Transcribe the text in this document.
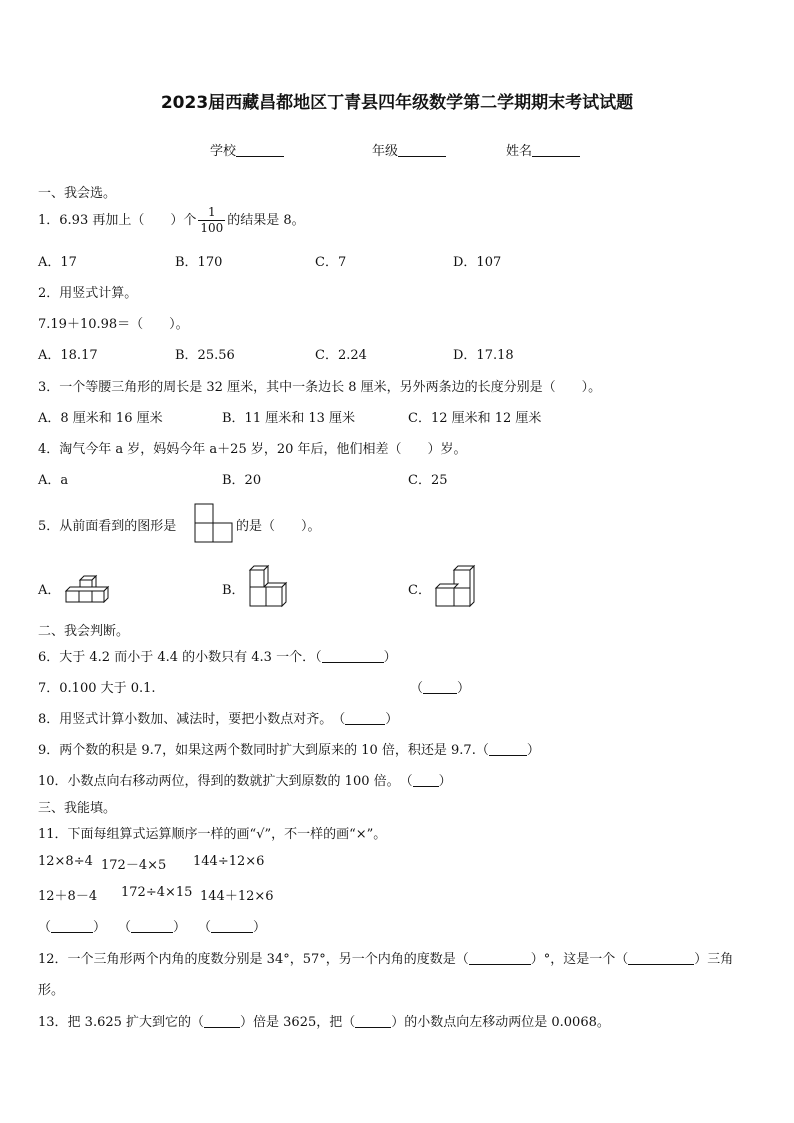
2023届西藏昌都地区丁青县四年级数学第二学期期末考试试题
学校	年级	姓名
一、我会选。
1．6.93 再加上（　　）个 $\frac{1}{100}$ 的结果是 8。
A．17	B．170	C．7	D．107
2．用竖式计算。
7.19＋10.98＝（　　）。
A．18.17	B．25.56	C．2.24	D．17.18
3．一个等腰三角形的周长是 32 厘米，其中一条边长 8 厘米，另外两条边的长度分别是（　　）。
A．8 厘米和 16 厘米	B．11 厘米和 13 厘米	C．12 厘米和 12 厘米
4．淘气今年 a 岁，妈妈今年 a＋25 岁，20 年后，他们相差（　　）岁。
A．a	B．20	C．25
5．从前面看到的图形是	的是（　　）。
A．	B．	C．
二、我会判断。
6．大于 4.2 而小于 4.4 的小数只有 4.3 一个．（	）
7．0.100 大于 0.1.	（	）
8．用竖式计算小数加、减法时，要把小数点对齐。　（	）
9．两个数的积是 9.7，如果这两个数同时扩大到原来的 10 倍，积还是 9.7.（	）
10．小数点向右移动两位，得到的数就扩大到原数的 100 倍。　（ ）
三、我能填。
11．下面每组算式运算顺序一样的画“√”，不一样的画“×”。
12×8÷4 172－4×5 144÷12×6
12＋8－4 172÷4×15 144＋12×6
（	） （	） （	）
12．一个三角形两个内角的度数分别是 34°，57°，另一个内角的度数是（	）°，这是一个（	）三角
形。
13．把 3.625 扩大到它的（	）倍是 3625，把（	）的小数点向左移动两位是 0.0068。
